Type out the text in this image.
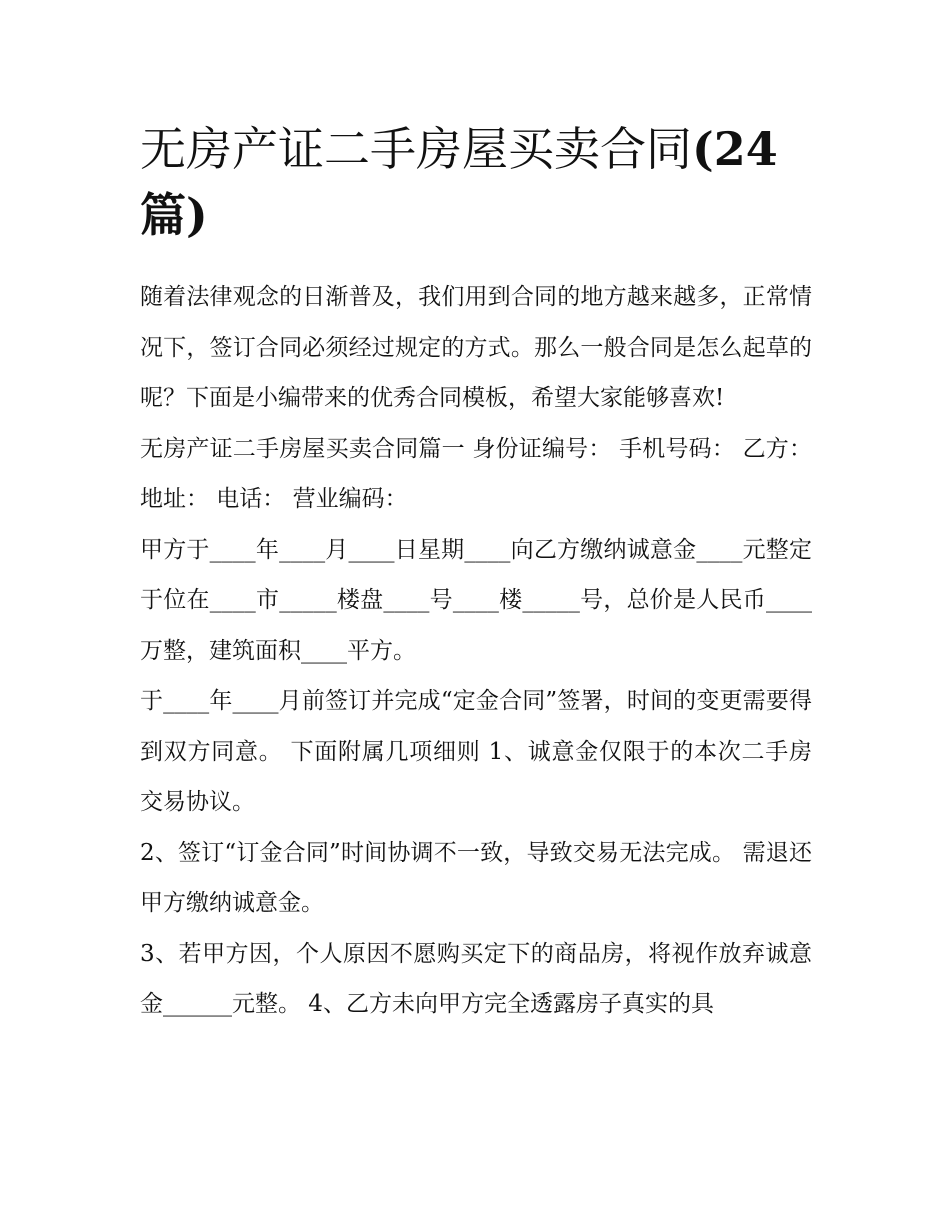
无房产证二手房屋买卖合同(24
篇)

随着法律观念的日渐普及，我们用到合同的地方越来越多，正常情况下，签订合同必须经过规定的方式。那么一般合同是怎么起草的呢？下面是小编带来的优秀合同模板，希望大家能够喜欢!

无房产证二手房屋买卖合同篇一 身份证编号： 手机号码： 乙方： 地址： 电话： 营业编码：

甲方于____年____月____日星期____向乙方缴纳诚意金____元整定于位在____市_____楼盘____号____楼_____号，总价是人民币____万整，建筑面积____平方。

于____年____月前签订并完成“定金合同”签署，时间的变更需要得到双方同意。 下面附属几项细则 1、诚意金仅限于的本次二手房交易协议。

2、签订“订金合同”时间协调不一致，导致交易无法完成。 需退还甲方缴纳诚意金。

3、若甲方因，个人原因不愿购买定下的商品房，将视作放弃诚意金______元整。 4、乙方未向甲方完全透露房子真实的具
